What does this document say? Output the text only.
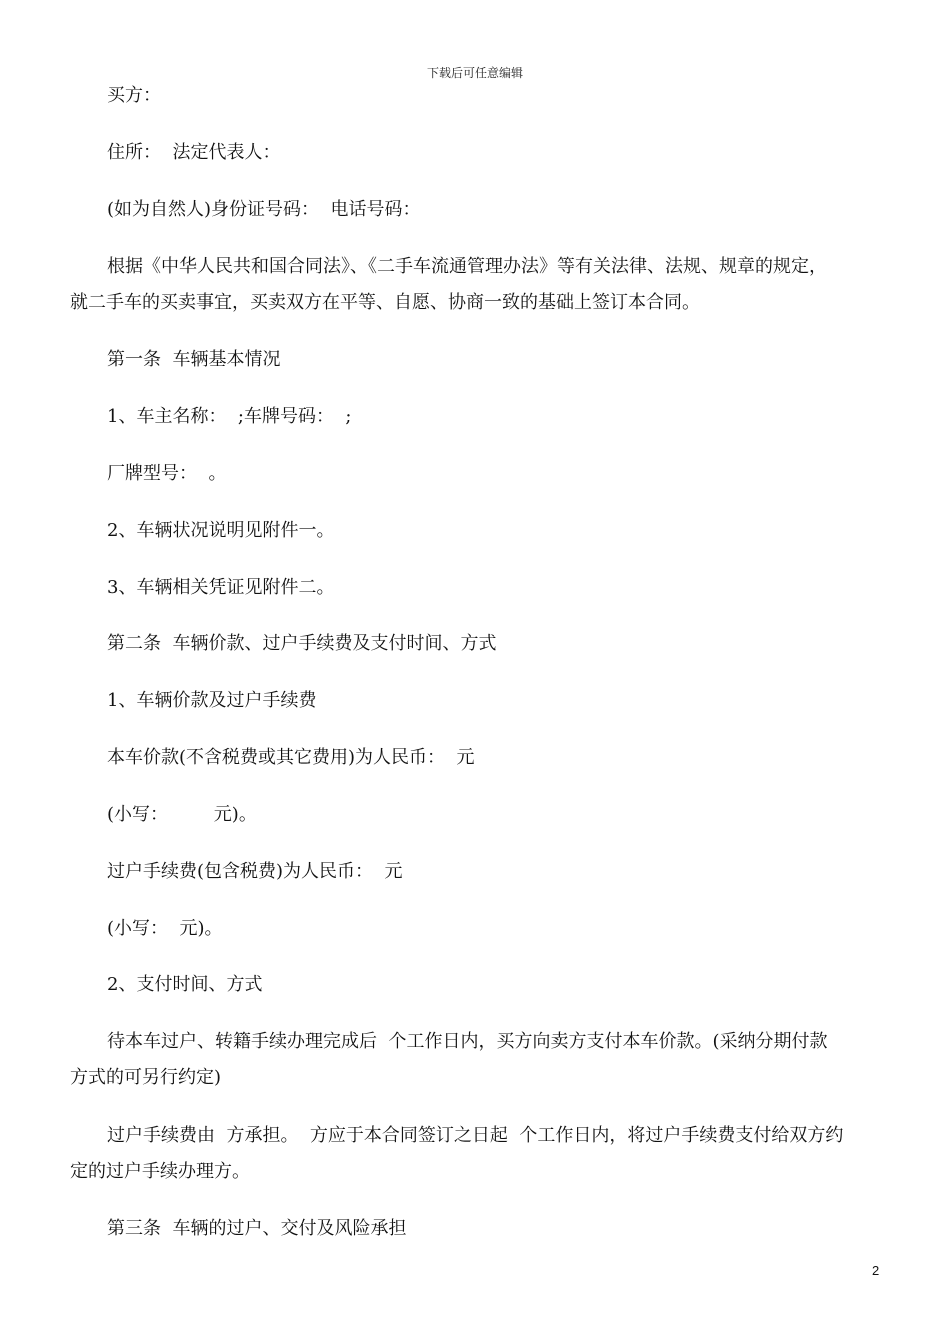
下载后可任意编辑
买方：
住所：  法定代表人：
(如为自然人)身份证号码：  电话号码：
根据《中华人民共和国合同法》、《二手车流通管理办法》等有关法律、法规、规章的规定，
就二手车的买卖事宜，买卖双方在平等、自愿、协商一致的基础上签订本合同。
第一条  车辆基本情况
1、车主名称：  ;车牌号码：  ;
厂牌型号：  。
2、车辆状况说明见附件一。
3、车辆相关凭证见附件二。
第二条  车辆价款、过户手续费及支付时间、方式
1、车辆价款及过户手续费
本车价款(不含税费或其它费用)为人民币：  元
(小写：        元)。
过户手续费(包含税费)为人民币：  元
(小写：  元)。
2、支付时间、方式
待本车过户、转籍手续办理完成后  个工作日内，买方向卖方支付本车价款。(采纳分期付款
方式的可另行约定)
过户手续费由  方承担。  方应于本合同签订之日起  个工作日内，将过户手续费支付给双方约
定的过户手续办理方。
第三条  车辆的过户、交付及风险承担
2
